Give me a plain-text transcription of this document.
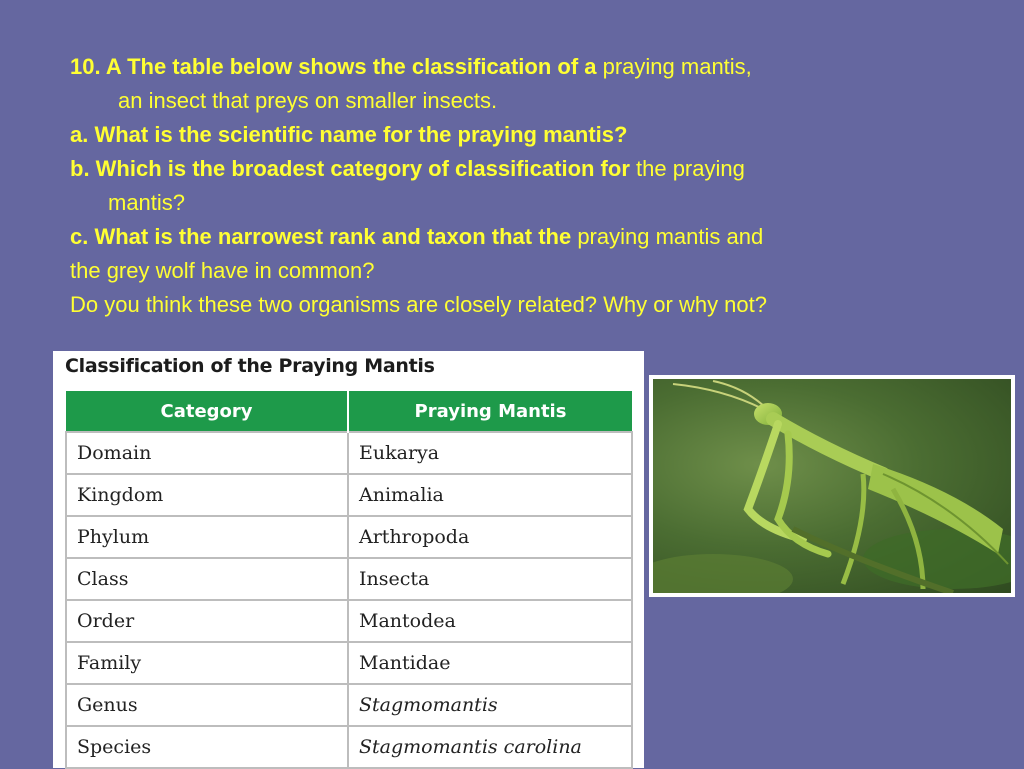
10. A The table below shows the classification of a praying mantis,

an insect that preys on smaller insects.

a. What is the scientific name for the praying mantis?

b. Which is the broadest category of classification for the praying

mantis?

c. What is the narrowest rank and taxon that the praying mantis and

the grey wolf have in common?

Do you think these two organisms are closely related? Why or why not?

Classification of the Praying Mantis
Category	Praying Mantis
Domain	Eukarya
Kingdom	Animalia
Phylum	Arthropoda
Class	Insecta
Order	Mantodea
Family	Mantidae
Genus	Stagmomantis
Species	Stagmomantis carolina
